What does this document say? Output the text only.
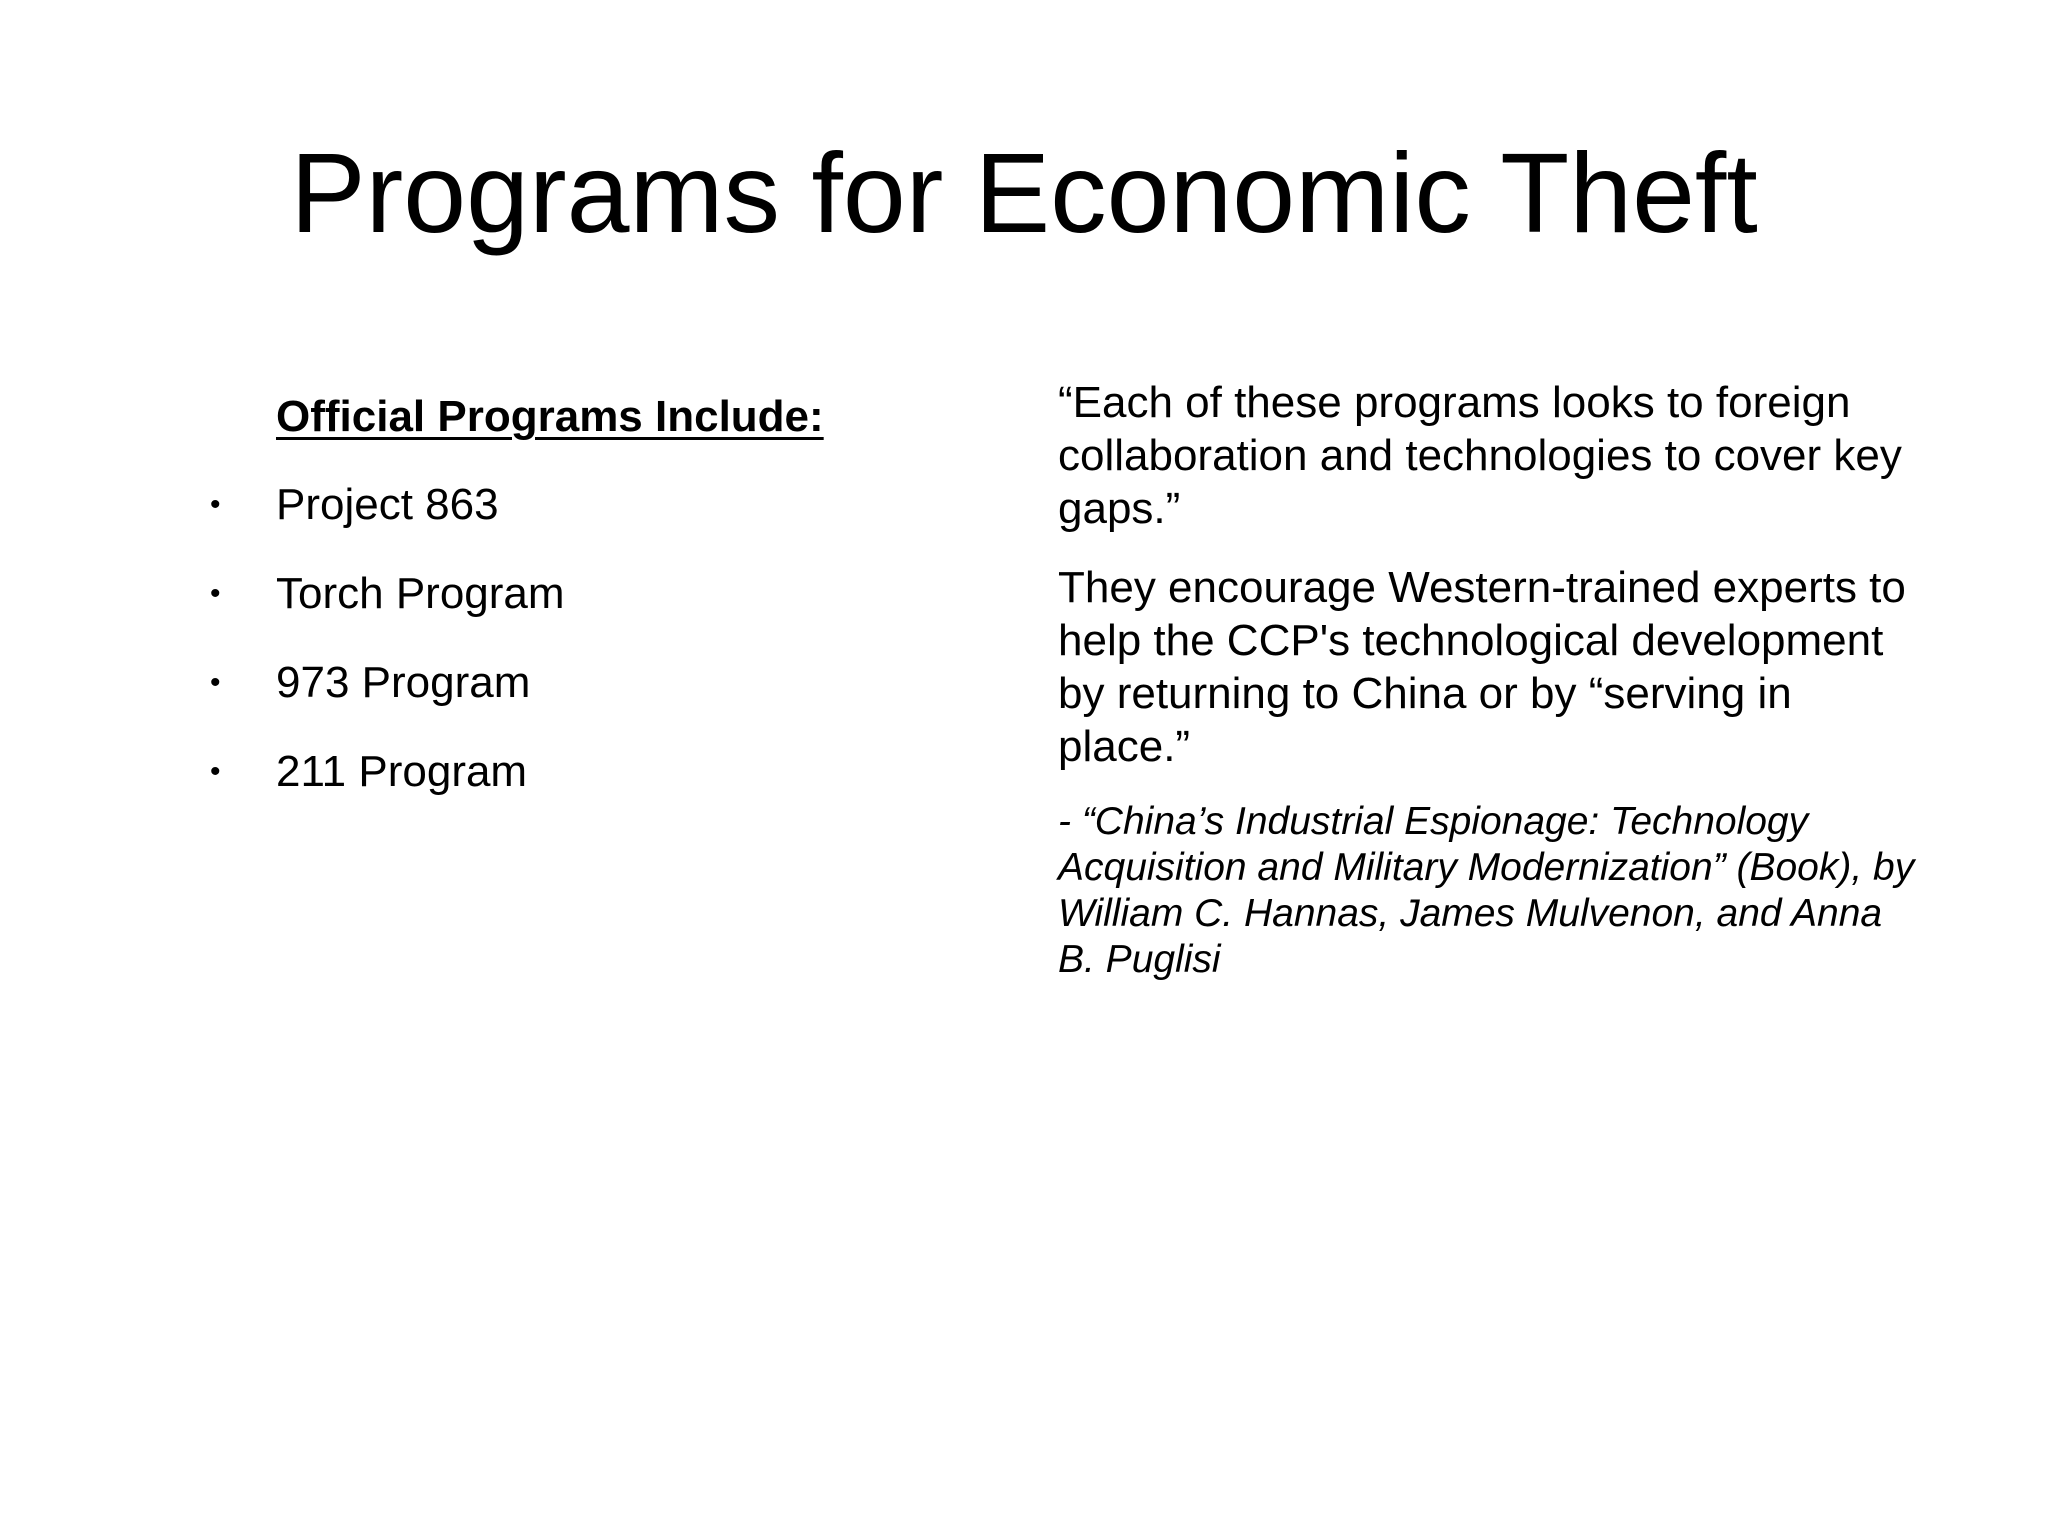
Programs for Economic Theft

Official Programs Include:

• Project 863
• Torch Program
• 973 Program
• 211 Program

“Each of these programs looks to foreign collaboration and technologies to cover key gaps.”

They encourage Western-trained experts to help the CCP's technological development by returning to China or by “serving in place.”

- “China’s Industrial Espionage: Technology Acquisition and Military Modernization” (Book), by William C. Hannas, James Mulvenon, and Anna B. Puglisi
